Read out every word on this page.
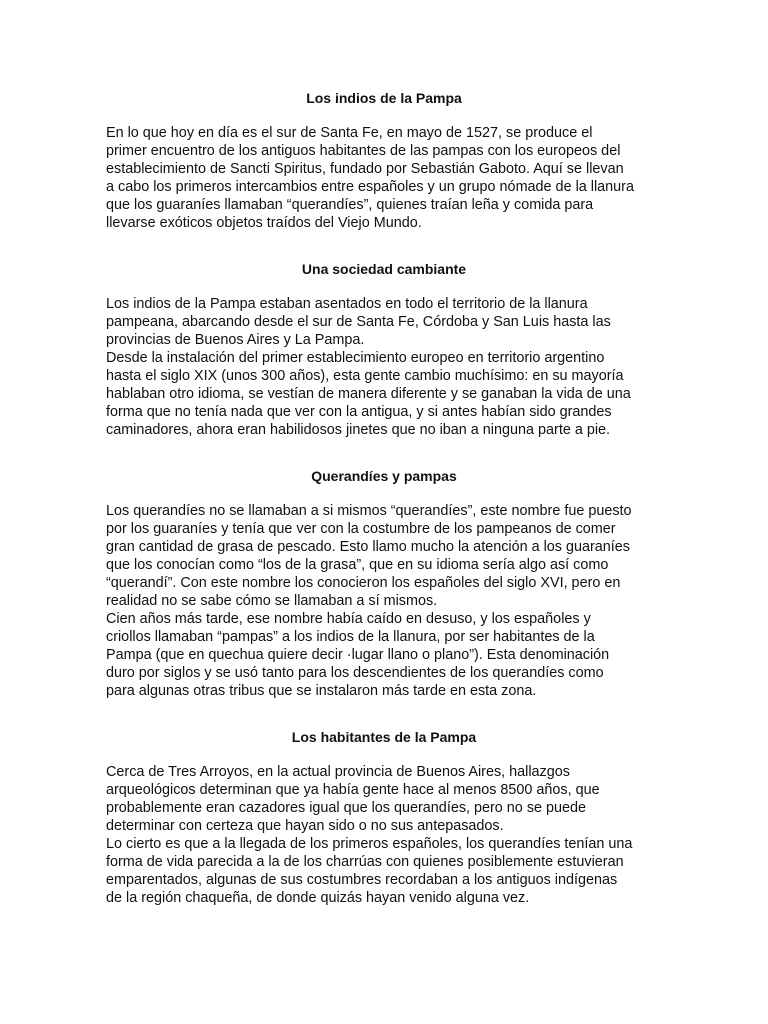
Los indios de la Pampa

En lo que hoy en día es el sur de Santa Fe, en mayo de 1527, se produce el
primer encuentro de los antiguos habitantes de las pampas con los europeos del
establecimiento de Sancti Spiritus, fundado por Sebastián Gaboto. Aquí se llevan
a cabo los primeros intercambios entre españoles y un grupo nómade de la llanura
que los guaraníes llamaban “querandíes”, quienes traían leña y comida para
llevarse exóticos objetos traídos del Viejo Mundo.

Una sociedad cambiante

Los indios de la Pampa estaban asentados en todo el territorio de la llanura
pampeana, abarcando desde el sur de Santa Fe, Córdoba y San Luis hasta las
provincias de Buenos Aires y La Pampa.

Desde la instalación del primer establecimiento europeo en territorio argentino
hasta el siglo XIX (unos 300 años), esta gente cambio muchísimo: en su mayoría
hablaban otro idioma, se vestían de manera diferente y se ganaban la vida de una
forma que no tenía nada que ver con la antigua, y si antes habían sido grandes
caminadores, ahora eran habilidosos jinetes que no iban a ninguna parte a pie.

Querandíes y pampas

Los querandíes no se llamaban a si mismos “querandíes”, este nombre fue puesto
por los guaraníes y tenía que ver con la costumbre de los pampeanos de comer
gran cantidad de grasa de pescado. Esto llamo mucho la atención a los guaraníes
que los conocían como “los de la grasa”, que en su idioma sería algo así como
“querandí”. Con este nombre los conocieron los españoles del siglo XVI, pero en
realidad no se sabe cómo se llamaban a sí mismos.

Cien años más tarde, ese nombre había caído en desuso, y los españoles y
criollos llamaban “pampas” a los indios de la llanura, por ser habitantes de la
Pampa (que en quechua quiere decir ·lugar llano o plano”). Esta denominación
duro por siglos y se usó tanto para los descendientes de los querandíes como
para algunas otras tribus que se instalaron más tarde en esta zona.

Los habitantes de la Pampa

Cerca de Tres Arroyos, en la actual provincia de Buenos Aires, hallazgos
arqueológicos determinan que ya había gente hace al menos 8500 años, que
probablemente eran cazadores igual que los querandíes, pero no se puede
determinar con certeza que hayan sido o no sus antepasados.

Lo cierto es que a la llegada de los primeros españoles, los querandíes tenían una
forma de vida parecida a la de los charrúas con quienes posiblemente estuvieran
emparentados, algunas de sus costumbres recordaban a los antiguos indígenas
de la región chaqueña, de donde quizás hayan venido alguna vez.
